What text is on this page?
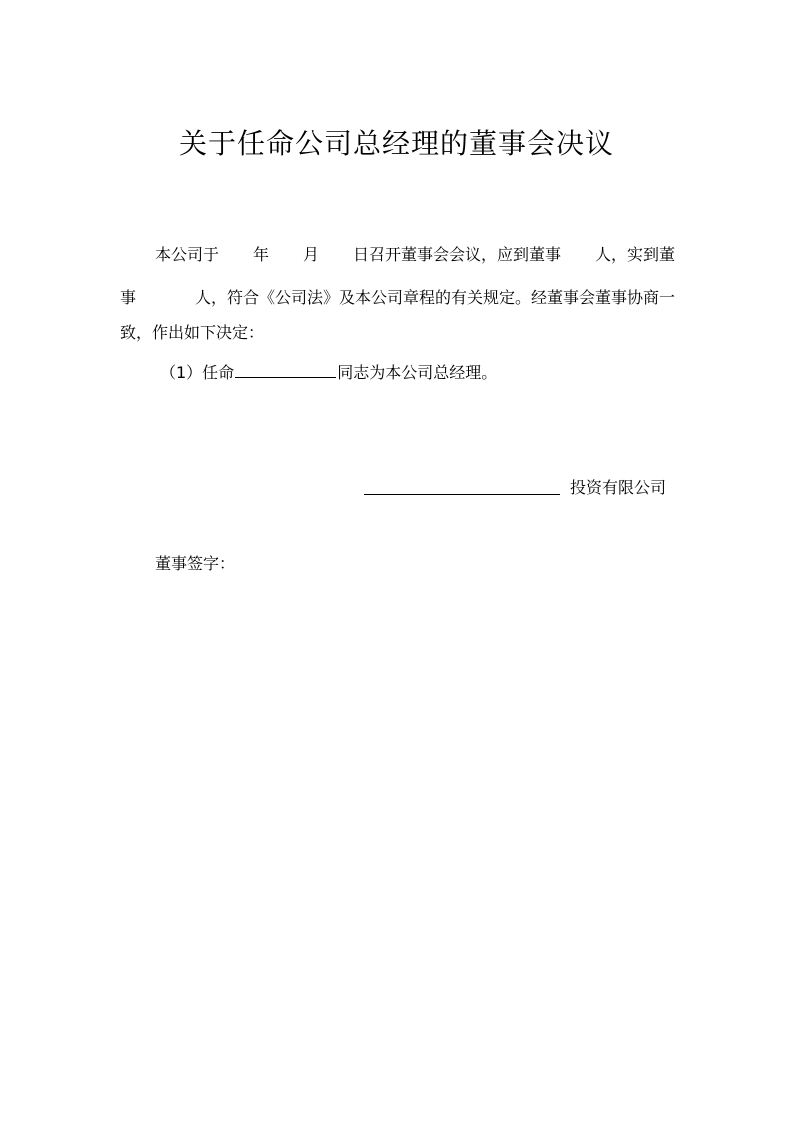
关于任命公司总经理的董事会决议
本公司于 年 月 日召开董事会会议，应到董事 人，实到董
事	人，符合《公司法》及本公司章程的有关规定。经董事会董事协商一
致，作出如下决定：
（1）任命	同志为本公司总经理。
投资有限公司
董事签字：
